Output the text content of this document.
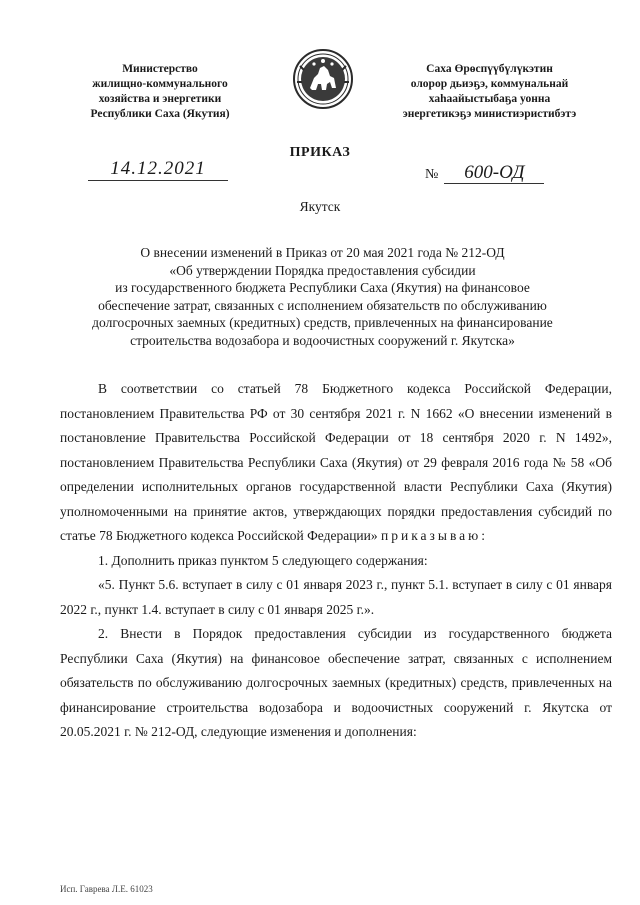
Министерство
жилищно-коммунального
хозяйства и энергетики
Республики Саха (Якутия)
Саха Өрөспүүбүлүкэтин
олорор дьиэҕэ, коммунальнай
хаһаайыстыбаҕа уонна
энергетикэҕэ министиэристибэтэ
ПРИКАЗ
14.12.2021	№ 600-ОД
Якутск
О внесении изменений в Приказ от 20 мая 2021 года № 212-ОД
«Об утверждении Порядка предоставления субсидии
из государственного бюджета Республики Саха (Якутия) на финансовое
обеспечение затрат, связанных с исполнением обязательств по обслуживанию
долгосрочных заемных (кредитных) средств, привлеченных на финансирование
строительства водозабора и водоочистных сооружений г. Якутска»

В соответствии со статьей 78 Бюджетного кодекса Российской Федерации, постановлением Правительства РФ от 30 сентября 2021 г. N 1662 «О внесении изменений в постановление Правительства Российской Федерации от 18 сентября 2020 г. N 1492», постановлением Правительства Республики Саха (Якутия) от 29 февраля 2016 года № 58 «Об определении исполнительных органов государственной власти Республики Саха (Якутия) уполномоченными на принятие актов, утверждающих порядки предоставления субсидий по статье 78 Бюджетного кодекса Российской Федерации» приказываю:

1. Дополнить приказ пунктом 5 следующего содержания:

«5. Пункт 5.6. вступает в силу с 01 января 2023 г., пункт 5.1. вступает в силу с 01 января 2022 г., пункт 1.4. вступает в силу с 01 января 2025 г.».

2. Внести в Порядок предоставления субсидии из государственного бюджета Республики Саха (Якутия) на финансовое обеспечение затрат, связанных с исполнением обязательств по обслуживанию долгосрочных заемных (кредитных) средств, привлеченных на финансирование строительства водозабора и водоочистных сооружений г. Якутска от 20.05.2021 г. № 212-ОД, следующие изменения и дополнения:

Исп. Гаврева Л.Е. 61023
